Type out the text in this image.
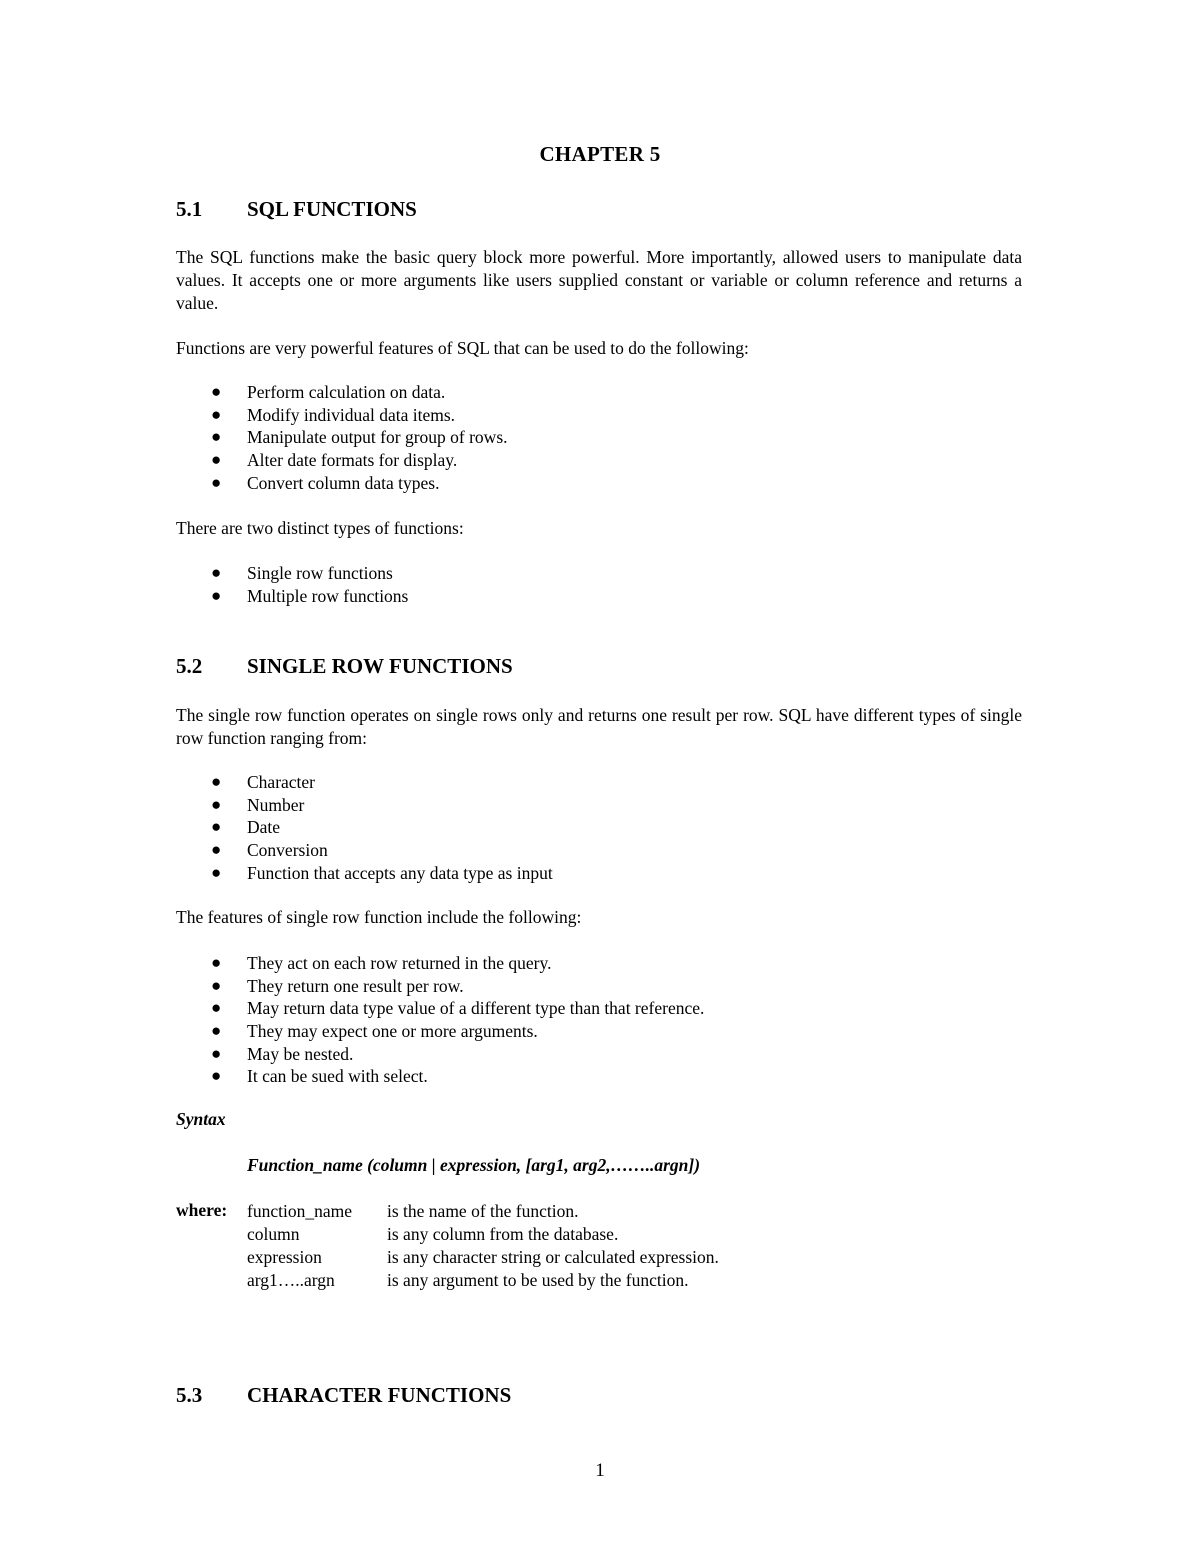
CHAPTER 5
5.1 SQL FUNCTIONS
The SQL functions make the basic query block more powerful. More importantly, allowed users to manipulate data values. It accepts one or more arguments like users supplied constant or variable or column reference and returns a value.
Functions are very powerful features of SQL that can be used to do the following:
● Perform calculation on data.
● Modify individual data items.
● Manipulate output for group of rows.
● Alter date formats for display.
● Convert column data types.
There are two distinct types of functions:
● Single row functions
● Multiple row functions
5.2 SINGLE ROW FUNCTIONS
The single row function operates on single rows only and returns one result per row. SQL have different types of single row function ranging from:
● Character
● Number
● Date
● Conversion
● Function that accepts any data type as input
The features of single row function include the following:
● They act on each row returned in the query.
● They return one result per row.
● May return data type value of a different type than that reference.
● They may expect one or more arguments.
● May be nested.
● It can be sued with select.
Syntax
Function_name (column | expression, [arg1, arg2,……..argn])
where: function_name is the name of the function.
column	is any column from the database.
expression	is any character string or calculated expression.
arg1…..argn	is any argument to be used by the function.
5.3 CHARACTER FUNCTIONS
1
